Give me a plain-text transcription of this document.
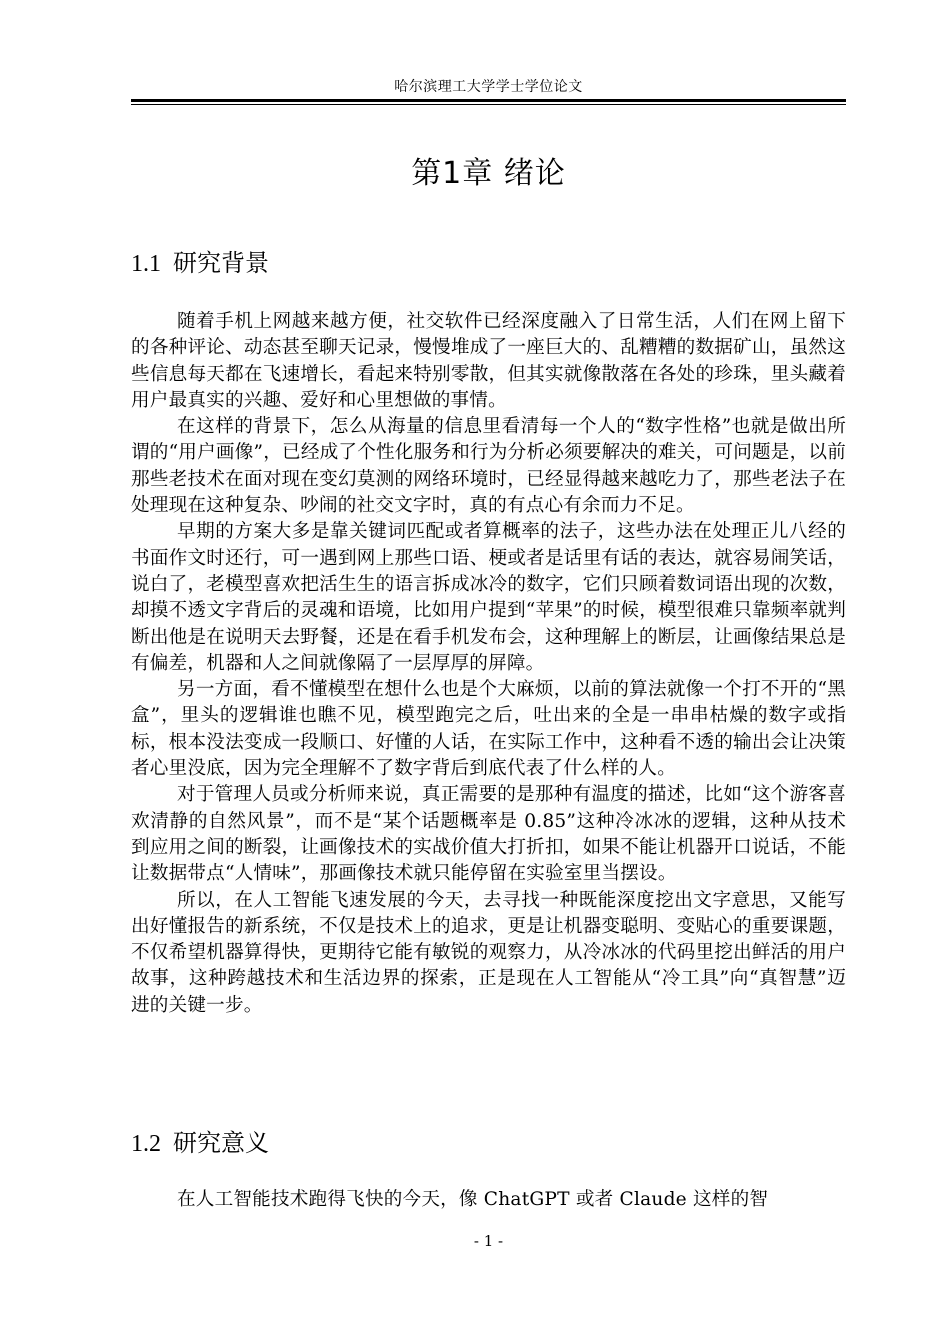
哈尔滨理工大学学士学位论文
第1章 绪论
1.1 研究背景

随着手机上网越来越方便，社交软件已经深度融入了日常生活，人们在网上留下的各种评论、动态甚至聊天记录，慢慢堆成了一座巨大的、乱糟糟的数据矿山，虽然这些信息每天都在飞速增长，看起来特别零散，但其实就像散落在各处的珍珠，里头藏着用户最真实的兴趣、爱好和心里想做的事情。

在这样的背景下，怎么从海量的信息里看清每一个人的“数字性格”也就是做出所谓的“用户画像”，已经成了个性化服务和行为分析必须要解决的难关，可问题是，以前那些老技术在面对现在变幻莫测的网络环境时，已经显得越来越吃力了，那些老法子在处理现在这种复杂、吵闹的社交文字时，真的有点心有余而力不足。

早期的方案大多是靠关键词匹配或者算概率的法子，这些办法在处理正儿八经的书面作文时还行，可一遇到网上那些口语、梗或者是话里有话的表达，就容易闹笑话，说白了，老模型喜欢把活生生的语言拆成冰冷的数字，它们只顾着数词语出现的次数，却摸不透文字背后的灵魂和语境，比如用户提到“苹果”的时候，模型很难只靠频率就判断出他是在说明天去野餐，还是在看手机发布会，这种理解上的断层，让画像结果总是有偏差，机器和人之间就像隔了一层厚厚的屏障。

另一方面，看不懂模型在想什么也是个大麻烦，以前的算法就像一个打不开的“黑盒”，里头的逻辑谁也瞧不见，模型跑完之后，吐出来的全是一串串枯燥的数字或指标，根本没法变成一段顺口、好懂的人话，在实际工作中，这种看不透的输出会让决策者心里没底，因为完全理解不了数字背后到底代表了什么样的人。

对于管理人员或分析师来说，真正需要的是那种有温度的描述，比如“这个游客喜欢清静的自然风景”，而不是“某个话题概率是 0.85”这种冷冰冰的逻辑，这种从技术到应用之间的断裂，让画像技术的实战价值大打折扣，如果不能让机器开口说话，不能让数据带点“人情味”，那画像技术就只能停留在实验室里当摆设。

所以，在人工智能飞速发展的今天，去寻找一种既能深度挖出文字意思，又能写出好懂报告的新系统，不仅是技术上的追求，更是让机器变聪明、变贴心的重要课题，不仅希望机器算得快，更期待它能有敏锐的观察力，从冷冰冰的代码里挖出鲜活的用户故事，这种跨越技术和生活边界的探索，正是现在人工智能从“冷工具”向“真智慧”迈进的关键一步。

1.2 研究意义

在人工智能技术跑得飞快的今天，像 ChatGPT 或者 Claude 这样的智

- 1 -
